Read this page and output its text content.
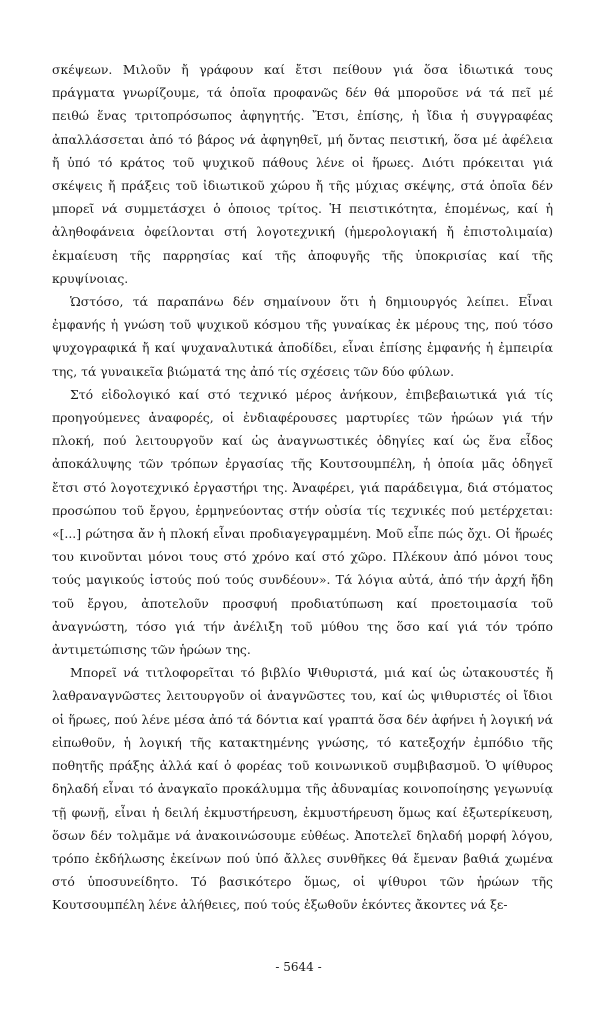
σκέψεων. Μιλοῦν ἤ γράφουν καί ἔτσι πείθουν γιά ὅσα ἰδιωτικά τους πράγματα γνωρίζουμε, τά ὁποῖα προφανῶς δέν θά μποροῦσε νά τά πεῖ μέ πειθώ ἕνας τριτοπρόσωπος ἀφηγητής. Ἔτσι, ἐπίσης, ἡ ἴδια ἡ συγγραφέας ἀπαλλάσσεται ἀπό τό βάρος νά ἀφηγηθεῖ, μή ὄντας πειστική, ὅσα μέ ἀφέλεια ἤ ὑπό τό κράτος τοῦ ψυχικοῦ πάθους λένε οἱ ἥρωες. Διότι πρόκειται γιά σκέψεις ἤ πράξεις τοῦ ἰδιωτικοῦ χώρου ἤ τῆς μύχιας σκέψης, στά ὁποῖα δέν μπορεῖ νά συμμετάσχει ὁ ὁποιος τρίτος. Ἡ πειστικότητα, ἑπομένως, καί ἡ ἀληθοφάνεια ὀφείλονται στή λογοτεχνική (ἡμερολογιακή ἤ ἐπιστολιμαία) ἐκμαίευση τῆς παρρησίας καί τῆς ἀποφυγῆς τῆς ὑποκρισίας καί τῆς κρυψίνοιας.

Ὡστόσο, τά παραπάνω δέν σημαίνουν ὅτι ἡ δημιουργός λείπει. Εἶναι ἐμφανής ἡ γνώση τοῦ ψυχικοῦ κόσμου τῆς γυναίκας ἐκ μέρους της, πού τόσο ψυχογραφικά ἤ καί ψυχαναλυτικά ἀποδίδει, εἶναι ἐπίσης ἐμφανής ἡ ἐμπειρία της, τά γυναικεῖα βιώματά της ἀπό τίς σχέσεις τῶν δύο φύλων.

Στό εἰδολογικό καί στό τεχνικό μέρος ἀνήκουν, ἐπιβεβαιωτικά γιά τίς προηγούμενες ἀναφορές, οἱ ἐνδιαφέρουσες μαρτυρίες τῶν ἡρώων γιά τήν πλοκή, πού λειτουργοῦν καί ὡς ἀναγνωστικές ὁδηγίες καί ὡς ἕνα εἶδος ἀποκάλυψης τῶν τρόπων ἐργασίας τῆς Κουτσουμπέλη, ἡ ὁποία μᾶς ὁδηγεῖ ἔτσι στό λογοτεχνικό ἐργαστήρι της. Ἀναφέρει, γιά παράδειγμα, διά στόματος προσώπου τοῦ ἔργου, ἑρμηνεύοντας στήν οὐσία τίς τεχνικές πού μετέρχεται: «[...] ρώτησα ἄν ἡ πλοκή εἶναι προδιαγεγραμμένη. Μοῦ εἶπε πώς ὄχι. Οἱ ἥρωές του κινοῦνται μόνοι τους στό χρόνο καί στό χῶρο. Πλέκουν ἀπό μόνοι τους τούς μαγικούς ἱστούς πού τούς συνδέουν». Τά λόγια αὐτά, ἀπό τήν ἀρχή ἤδη τοῦ ἔργου, ἀποτελοῦν προσφυή προδιατύπωση καί προετοιμασία τοῦ ἀναγνώστη, τόσο γιά τήν ἀνέλιξη τοῦ μύθου της ὅσο καί γιά τόν τρόπο ἀντιμετώπισης τῶν ἡρώων της.

Μπορεῖ νά τιτλοφορεῖται τό βιβλίο Ψιθυριστά, μιά καί ὡς ὠτακουστές ἤ λαθραναγνῶστες λειτουργοῦν οἱ ἀναγνῶστες του, καί ὡς ψιθυριστές οἱ ἴδιοι οἱ ἥρωες, πού λένε μέσα ἀπό τά δόντια καί γραπτά ὅσα δέν ἀφήνει ἡ λογική νά εἰπωθοῦν, ἡ λογική τῆς κατακτημένης γνώσης, τό κατεξοχήν ἐμπόδιο τῆς ποθητῆς πράξης ἀλλά καί ὁ φορέας τοῦ κοινωνικοῦ συμβιβασμοῦ. Ὁ ψίθυρος δηλαδή εἶναι τό ἀναγκαῖο προκάλυμμα τῆς ἀδυναμίας κοινοποίησης γεγωνυίᾳ τῇ φωνῇ, εἶναι ἡ δειλή ἐκμυστήρευση, ἐκμυστήρευση ὅμως καί ἐξωτερίκευση, ὅσων δέν τολμᾶμε νά ἀνακοινώσουμε εὐθέως. Ἀποτελεῖ δηλαδή μορφή λόγου, τρόπο ἐκδήλωσης ἐκείνων πού ὑπό ἄλλες συνθῆκες θά ἔμεναν βαθιά χωμένα στό ὑποσυνείδητο. Τό βασικότερο ὅμως, οἱ ψίθυροι τῶν ἡρώων τῆς Κουτσουμπέλη λένε ἀλήθειες, πού τούς ἐξωθοῦν ἑκόντες ἄκοντες νά ξε-

- 5644 -
